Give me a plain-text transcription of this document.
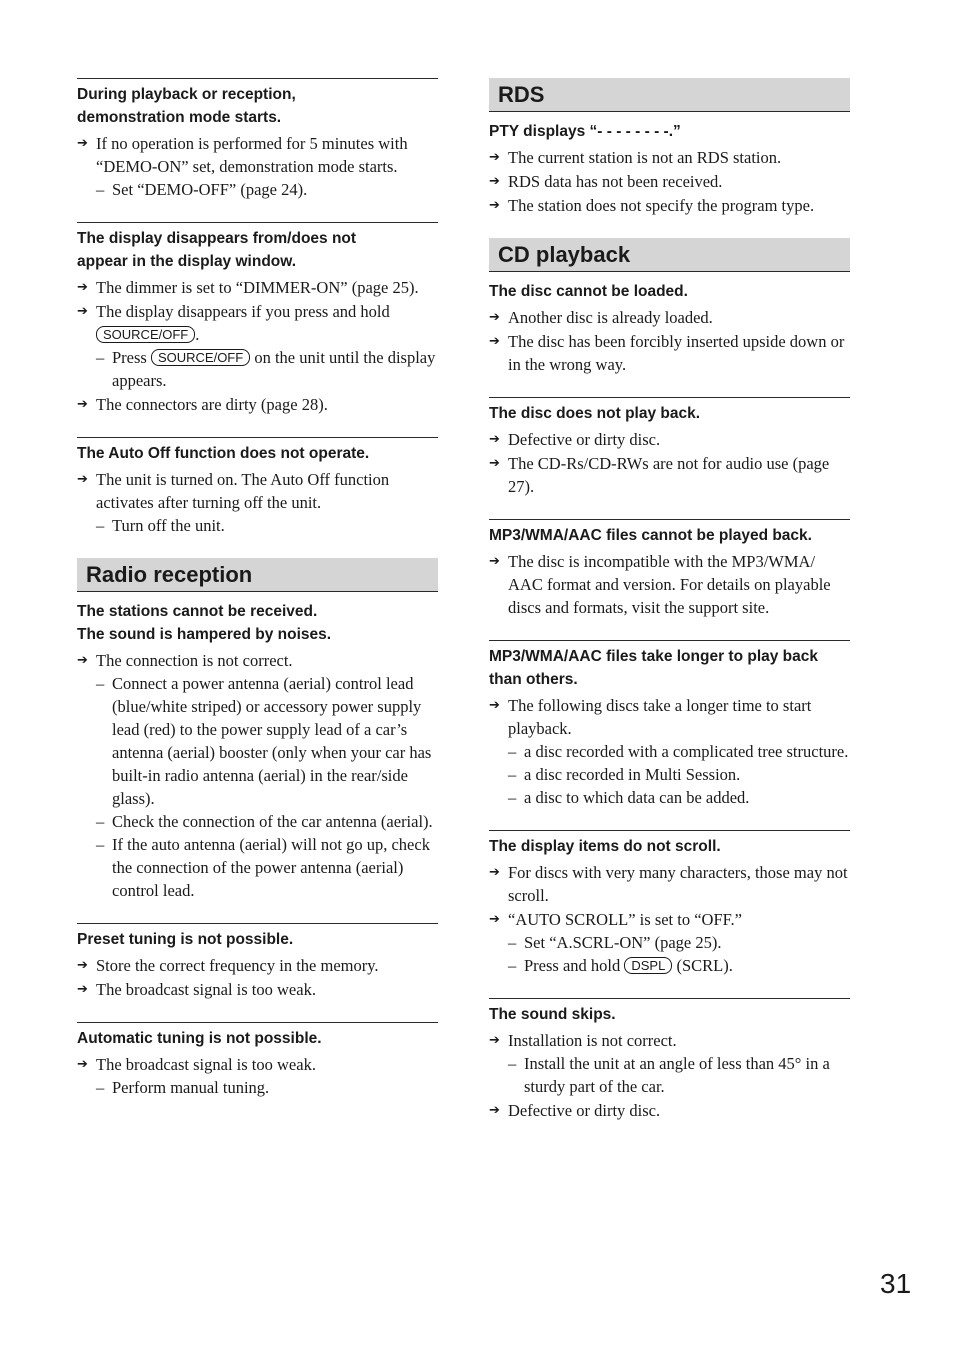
During playback or reception,
demonstration mode starts.
➔ If no operation is performed for 5 minutes with “DEMO-ON” set, demonstration mode starts.
– Set “DEMO-OFF” (page 24).
The display disappears from/does not
appear in the display window.
➔ The dimmer is set to “DIMMER-ON” (page 25).
➔ The display disappears if you press and hold SOURCE/OFF .
– Press SOURCE/OFF on the unit until the display appears.
➔ The connectors are dirty (page 28).
The Auto Off function does not operate.
➔ The unit is turned on. The Auto Off function activates after turning off the unit.
– Turn off the unit.
Radio reception
The stations cannot be received.
The sound is hampered by noises.
➔ The connection is not correct.
– Connect a power antenna (aerial) control lead (blue/white striped) or accessory power supply lead (red) to the power supply lead of a car’s antenna (aerial) booster (only when your car has built-in radio antenna (aerial) in the rear/side glass).
– Check the connection of the car antenna (aerial).
– If the auto antenna (aerial) will not go up, check the connection of the power antenna (aerial) control lead.
Preset tuning is not possible.
➔ Store the correct frequency in the memory.
➔ The broadcast signal is too weak.
Automatic tuning is not possible.
➔ The broadcast signal is too weak.
– Perform manual tuning.
RDS
PTY displays “- - - - - - - -.”
➔ The current station is not an RDS station.
➔ RDS data has not been received.
➔ The station does not specify the program type.
CD playback
The disc cannot be loaded.
➔ Another disc is already loaded.
➔ The disc has been forcibly inserted upside down or in the wrong way.
The disc does not play back.
➔ Defective or dirty disc.
➔ The CD-Rs/CD-RWs are not for audio use (page 27).
MP3/WMA/AAC files cannot be played back.
➔ The disc is incompatible with the MP3/WMA/ AAC format and version. For details on playable discs and formats, visit the support site.
MP3/WMA/AAC files take longer to play back
than others.
➔ The following discs take a longer time to start playback.
– a disc recorded with a complicated tree structure.
– a disc recorded in Multi Session.
– a disc to which data can be added.
The display items do not scroll.
➔ For discs with very many characters, those may not scroll.
➔ “AUTO SCROLL” is set to “OFF.”
– Set “A.SCRL-ON” (page 25).
– Press and hold DSPL (SCRL).
The sound skips.
➔ Installation is not correct.
– Install the unit at an angle of less than 45° in a sturdy part of the car.
➔ Defective or dirty disc.
31
